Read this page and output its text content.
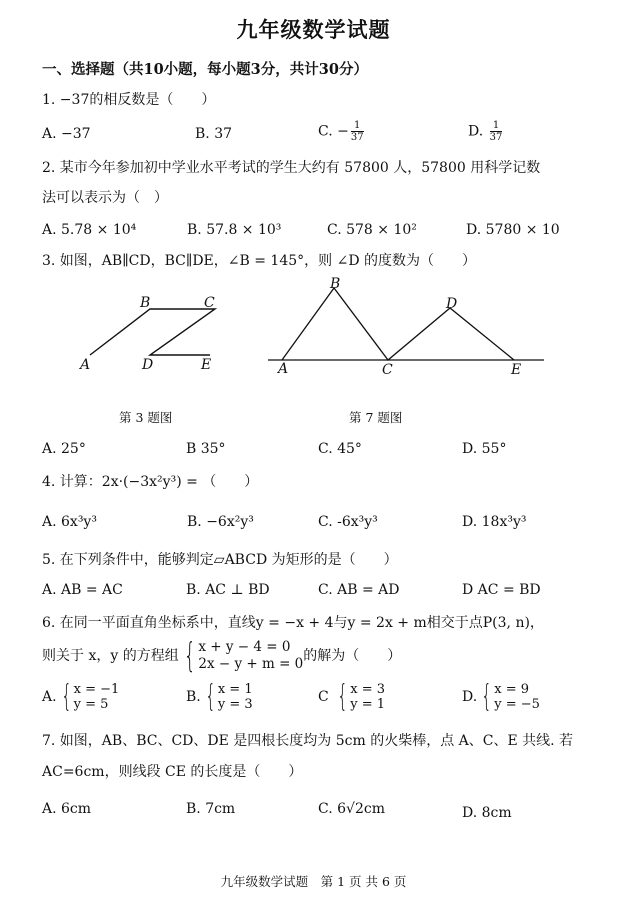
九年级数学试题
一、选择题（共10小题，每小题3分，共计30分）
1. −37的相反数是（　　）
A. −37	B. 37	C. − $\frac{1}{37}$	D. $\frac{1}{37}$
2. 某市今年参加初中学业水平考试的学生大约有 57800 人，57800 用科学记数
法可以表示为（　）
A. 5.78 × 10⁴	B. 57.8 × 10³	C. 578 × 10²	D. 5780 × 10
3. 如图，AB∥CD，BC∥DE，∠B = 145°，则 ∠D 的度数为（　　）
A
B	C
D	E	A
B
C
D
E
第 3 题图	第 7 题图
A. 25°	B 35°	C. 45°	D. 55°
4. 计算：2x·(−3x²y³) = （　　）
A. 6x³y³	B. −6x²y³	C. -6x³y³	D. 18x³y³
5. 在下列条件中，能够判定▱ABCD 为矩形的是（　　）
A. AB = AC	B. AC ⊥ BD	C. AB = AD	D AC = BD
6. 在同一平面直角坐标系中，直线y = −x + 4与y = 2x + m相交于点P(3, n)，
则关于 x，y 的方程组 { x + y − 4 = 0
2x − y + m = 0 的解为（　　）
A. { x = −1
y = 5	B. { x = 1
y = 3	C
{ x = 3
y = 1	D. { x = 9
y = −5
7. 如图，AB、BC、CD、DE 是四根长度均为 5cm 的火柴棒，点 A、C、E 共线. 若
AC=6cm，则线段 CE 的长度是（　　）
A. 6cm	B. 7cm	C. 6√2cm	D. 8cm
九年级数学试题　第 1 页 共 6 页
